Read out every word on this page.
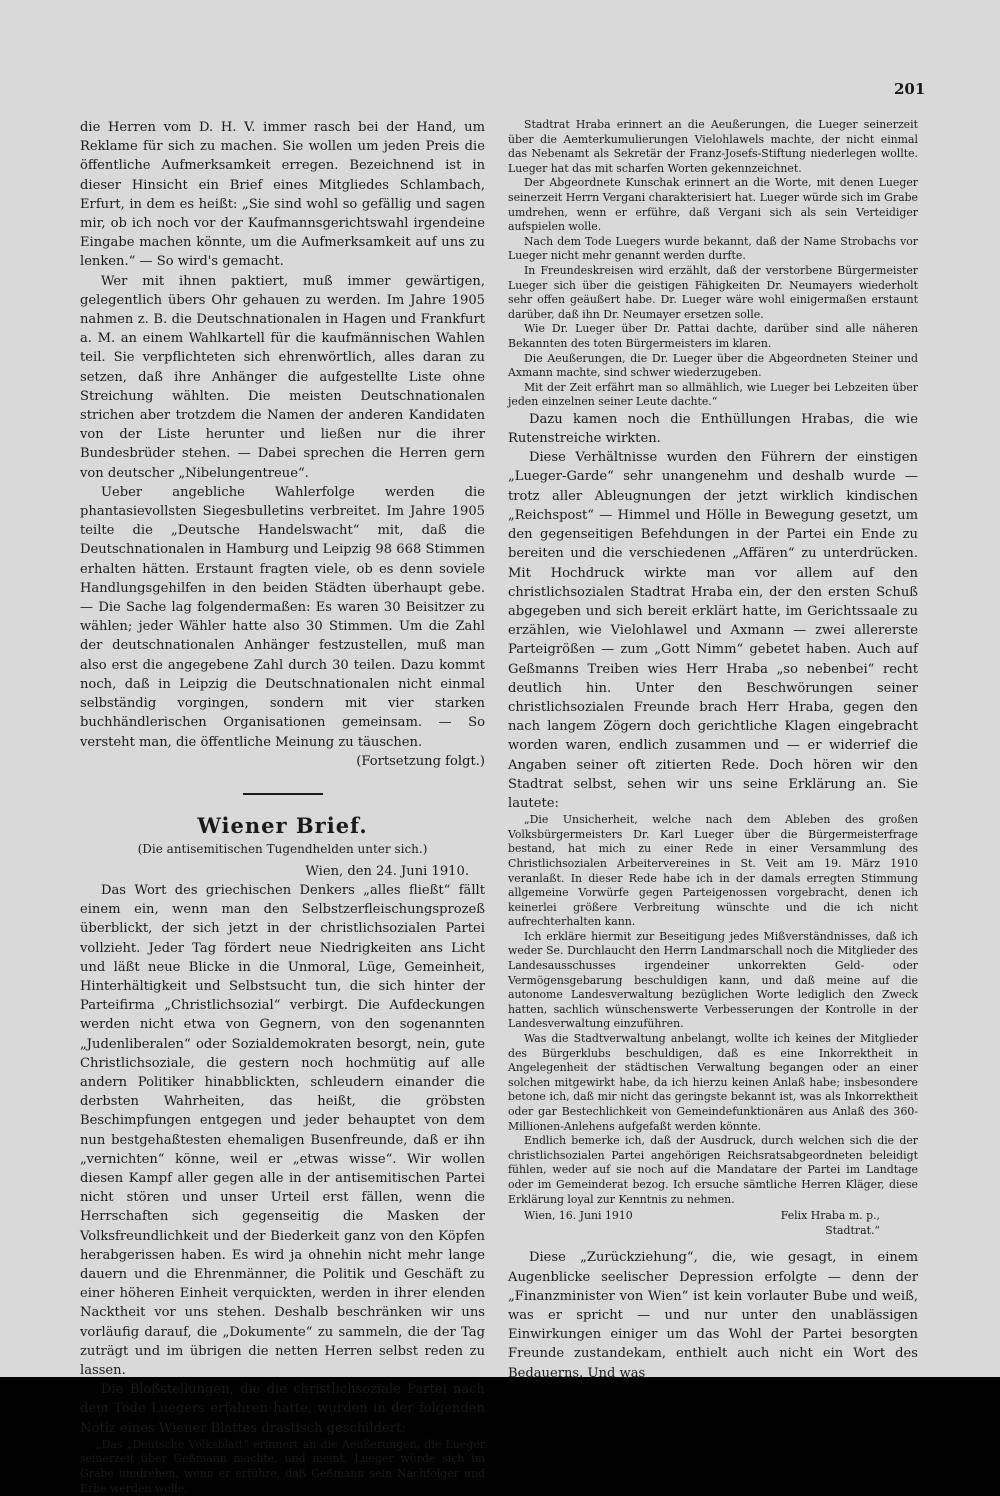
201

die Herren vom D. H. V. immer rasch bei der Hand, um Reklame für sich zu machen. Sie wollen um jeden Preis die öffentliche Aufmerksamkeit erregen. Bezeichnend ist in dieser Hinsicht ein Brief eines Mitgliedes Schlambach, Erfurt, in dem es heißt: „Sie sind wohl so gefällig und sagen mir, ob ich noch vor der Kaufmannsgerichtswahl irgendeine Eingabe machen könnte, um die Aufmerksamkeit auf uns zu lenken.“ — So wird's gemacht.

Wer mit ihnen paktiert, muß immer gewärtigen, gelegentlich übers Ohr gehauen zu werden. Im Jahre 1905 nahmen z. B. die Deutschnationalen in Hagen und Frankfurt a. M. an einem Wahlkartell für die kaufmännischen Wahlen teil. Sie verpflichteten sich ehrenwörtlich, alles daran zu setzen, daß ihre Anhänger die aufgestellte Liste ohne Streichung wählten. Die meisten Deutschnationalen strichen aber trotzdem die Namen der anderen Kandidaten von der Liste herunter und ließen nur die ihrer Bundesbrüder stehen. — Dabei sprechen die Herren gern von deutscher „Nibelungentreue“.

Ueber angebliche Wahlerfolge werden die phantasievollsten Siegesbulletins verbreitet. Im Jahre 1905 teilte die „Deutsche Handelswacht“ mit, daß die Deutschnationalen in Hamburg und Leipzig 98 668 Stimmen erhalten hätten. Erstaunt fragten viele, ob es denn soviele Handlungsgehilfen in den beiden Städten überhaupt gebe. — Die Sache lag folgendermaßen: Es waren 30 Beisitzer zu wählen; jeder Wähler hatte also 30 Stimmen. Um die Zahl der deutschnationalen Anhänger festzustellen, muß man also erst die angegebene Zahl durch 30 teilen. Dazu kommt noch, daß in Leipzig die Deutschnationalen nicht einmal selbständig vorgingen, sondern mit vier starken buchhändlerischen Organisationen gemeinsam. — So versteht man, die öffentliche Meinung zu täuschen.

(Fortsetzung folgt.)
Wiener Brief.
(Die antisemitischen Tugendhelden unter sich.)
Wien, den 24. Juni 1910.

Das Wort des griechischen Denkers „alles fließt“ fällt einem ein, wenn man den Selbstzerfleischungsprozeß überblickt, der sich jetzt in der christlichsozialen Partei vollzieht. Jeder Tag fördert neue Niedrigkeiten ans Licht und läßt neue Blicke in die Unmoral, Lüge, Gemeinheit, Hinterhältigkeit und Selbstsucht tun, die sich hinter der Parteifirma „Christlichsozial“ verbirgt. Die Aufdeckungen werden nicht etwa von Gegnern, von den sogenannten „Judenliberalen“ oder Sozialdemokraten besorgt, nein, gute Christlichsoziale, die gestern noch hochmütig auf alle andern Politiker hinabblickten, schleudern einander die derbsten Wahrheiten, das heißt, die gröbsten Beschimpfungen entgegen und jeder behauptet von dem nun bestgehaßtesten ehemaligen Busenfreunde, daß er ihn „vernichten“ könne, weil er „etwas wisse“. Wir wollen diesen Kampf aller gegen alle in der antisemitischen Partei nicht stören und unser Urteil erst fällen, wenn die Herrschaften sich gegenseitig die Masken der Volksfreundlichkeit und der Biederkeit ganz von den Köpfen herabgerissen haben. Es wird ja ohnehin nicht mehr lange dauern und die Ehrenmänner, die Politik und Geschäft zu einer höheren Einheit verquickten, werden in ihrer elenden Nacktheit vor uns stehen. Deshalb beschränken wir uns vorläufig darauf, die „Dokumente“ zu sammeln, die der Tag zuträgt und im übrigen die netten Herren selbst reden zu lassen.

Die Bloßstellungen, die die christlichsoziale Partei nach dem Tode Luegers erfahren hatte, wurden in der folgenden Notiz eines Wiener Blattes drastisch geschildert:

„Das „Deutsche Volksblatt“ erinnert an die Aeußerungen, die Lueger seinerzeit über Geßmann machte, und meint, Lueger würde sich im Grabe umdrehen, wenn er erführe, daß Geßmann sein Nachfolger und Erbe werden wolle.

Stadtrat Hraba erinnert an die Aeußerungen, die Lueger seinerzeit über die Aemterkumulierungen Vielohlawels machte, der nicht einmal das Nebenamt als Sekretär der Franz-Josefs-Stiftung niederlegen wollte. Lueger hat das mit scharfen Worten gekennzeichnet.

Der Abgeordnete Kunschak erinnert an die Worte, mit denen Lueger seinerzeit Herrn Vergani charakterisiert hat. Lueger würde sich im Grabe umdrehen, wenn er erführe, daß Vergani sich als sein Verteidiger aufspielen wolle.

Nach dem Tode Luegers wurde bekannt, daß der Name Strobachs vor Lueger nicht mehr genannt werden durfte.

In Freundeskreisen wird erzählt, daß der verstorbene Bürgermeister Lueger sich über die geistigen Fähigkeiten Dr. Neumayers wiederholt sehr offen geäußert habe. Dr. Lueger wäre wohl einigermaßen erstaunt darüber, daß ihn Dr. Neumayer ersetzen solle.

Wie Dr. Lueger über Dr. Pattai dachte, darüber sind alle näheren Bekannten des toten Bürgermeisters im klaren.

Die Aeußerungen, die Dr. Lueger über die Abgeordneten Steiner und Axmann machte, sind schwer wiederzugeben.

Mit der Zeit erfährt man so allmählich, wie Lueger bei Lebzeiten über jeden einzelnen seiner Leute dachte.“

Dazu kamen noch die Enthüllungen Hrabas, die wie Rutenstreiche wirkten.

Diese Verhältnisse wurden den Führern der einstigen „Lueger-Garde“ sehr unangenehm und deshalb wurde — trotz aller Ableugnungen der jetzt wirklich kindischen „Reichspost“ — Himmel und Hölle in Bewegung gesetzt, um den gegenseitigen Befehdungen in der Partei ein Ende zu bereiten und die verschiedenen „Affären“ zu unterdrücken. Mit Hochdruck wirkte man vor allem auf den christlichsozialen Stadtrat Hraba ein, der den ersten Schuß abgegeben und sich bereit erklärt hatte, im Gerichtssaale zu erzählen, wie Vielohlawel und Axmann — zwei allererste Parteigrößen — zum „Gott Nimm“ gebetet haben. Auch auf Geßmanns Treiben wies Herr Hraba „so nebenbei“ recht deutlich hin. Unter den Beschwörungen seiner christlichsozialen Freunde brach Herr Hraba, gegen den nach langem Zögern doch gerichtliche Klagen eingebracht worden waren, endlich zusammen und — er widerrief die Angaben seiner oft zitierten Rede. Doch hören wir den Stadtrat selbst, sehen wir uns seine Erklärung an. Sie lautete:

„Die Unsicherheit, welche nach dem Ableben des großen Volksbürgermeisters Dr. Karl Lueger über die Bürgermeisterfrage bestand, hat mich zu einer Rede in einer Versammlung des Christlichsozialen Arbeitervereines in St. Veit am 19. März 1910 veranlaßt. In dieser Rede habe ich in der damals erregten Stimmung allgemeine Vorwürfe gegen Parteigenossen vorgebracht, denen ich keinerlei größere Verbreitung wünschte und die ich nicht aufrechterhalten kann.

Ich erkläre hiermit zur Beseitigung jedes Mißverständnisses, daß ich weder Se. Durchlaucht den Herrn Landmarschall noch die Mitglieder des Landesausschusses irgendeiner unkorrekten Geld- oder Vermögensgebarung beschuldigen kann, und daß meine auf die autonome Landesverwaltung bezüglichen Worte lediglich den Zweck hatten, sachlich wünschenswerte Verbesserungen der Kontrolle in der Landesverwaltung einzuführen.

Was die Stadtverwaltung anbelangt, wollte ich keines der Mitglieder des Bürgerklubs beschuldigen, daß es eine Inkorrektheit in Angelegenheit der städtischen Verwaltung begangen oder an einer solchen mitgewirkt habe, da ich hierzu keinen Anlaß habe; insbesondere betone ich, daß mir nicht das geringste bekannt ist, was als Inkorrektheit oder gar Bestechlichkeit von Gemeindefunktionären aus Anlaß des 360-Millionen-Anlehens aufgefaßt werden könnte.

Endlich bemerke ich, daß der Ausdruck, durch welchen sich die der christlichsozialen Partei angehörigen Reichsratsabgeordneten beleidigt fühlen, weder auf sie noch auf die Mandatare der Partei im Landtage oder im Gemeinderat bezog. Ich ersuche sämtliche Herren Kläger, diese Erklärung loyal zur Kenntnis zu nehmen.

Wien, 16. Juni 1910	Felix Hraba m. p.,
Stadtrat.“

Diese „Zurückziehung“, die, wie gesagt, in einem Augenblicke seelischer Depression erfolgte — denn der „Finanzminister von Wien“ ist kein vorlauter Bube und weiß, was er spricht — und nur unter den unablässigen Einwirkungen einiger um das Wohl der Partei besorgten Freunde zustandekam, enthielt auch nicht ein Wort des Bedauerns. Und was
